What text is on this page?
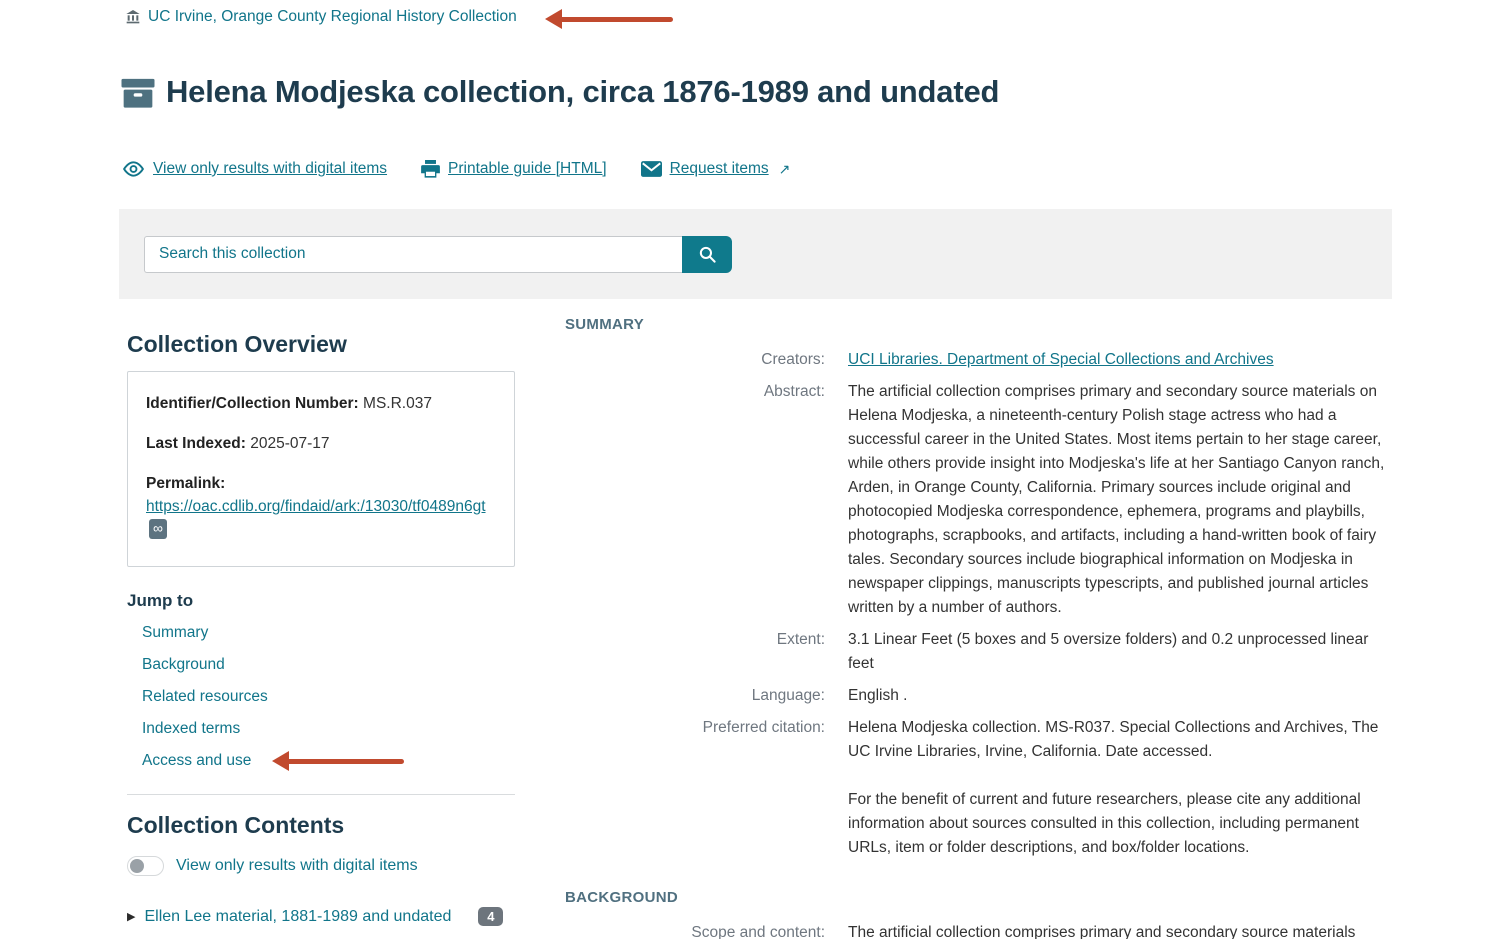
UC Irvine, Orange County Regional History Collection
Helena Modjeska collection, circa 1876-1989 and undated
View only results with digital items	Printable guide [HTML]	Request items ↗
Search this collection
Collection Overview
Identifier/Collection Number: MS.R.037
Last Indexed: 2025-07-17
Permalink:
https://oac.cdlib.org/findaid/ark:/13030/tf0489n6gt∞
Jump to
Summary
Background
Related resources
Indexed terms
Access and use
Collection Contents
View only results with digital items
▶ Ellen Lee material, 1881-1989 and undated	4
SUMMARY
Creators: UCI Libraries. Department of Special Collections and Archives
Abstract: The artificial collection comprises primary and secondary source materials on Helena Modjeska, a nineteenth-century Polish stage actress who had a successful career in the United States. Most items pertain to her stage career, while others provide insight into Modjeska's life at her Santiago Canyon ranch, Arden, in Orange County, California. Primary sources include original and photocopied Modjeska correspondence, ephemera, programs and playbills, photographs, scrapbooks, and artifacts, including a hand-written book of fairy tales. Secondary sources include biographical information on Modjeska in newspaper clippings, manuscripts typescripts, and published journal articles written by a number of authors.
Extent: 3.1 Linear Feet (5 boxes and 5 oversize folders) and 0.2 unprocessed linear feet
Language: English .
Preferred citation: Helena Modjeska collection. MS-R037. Special Collections and Archives, The UC Irvine Libraries, Irvine, California. Date accessed.

For the benefit of current and future researchers, please cite any additional information about sources consulted in this collection, including permanent URLs, item or folder descriptions, and box/folder locations.

BACKGROUND
Scope and content: The artificial collection comprises primary and secondary source materials
